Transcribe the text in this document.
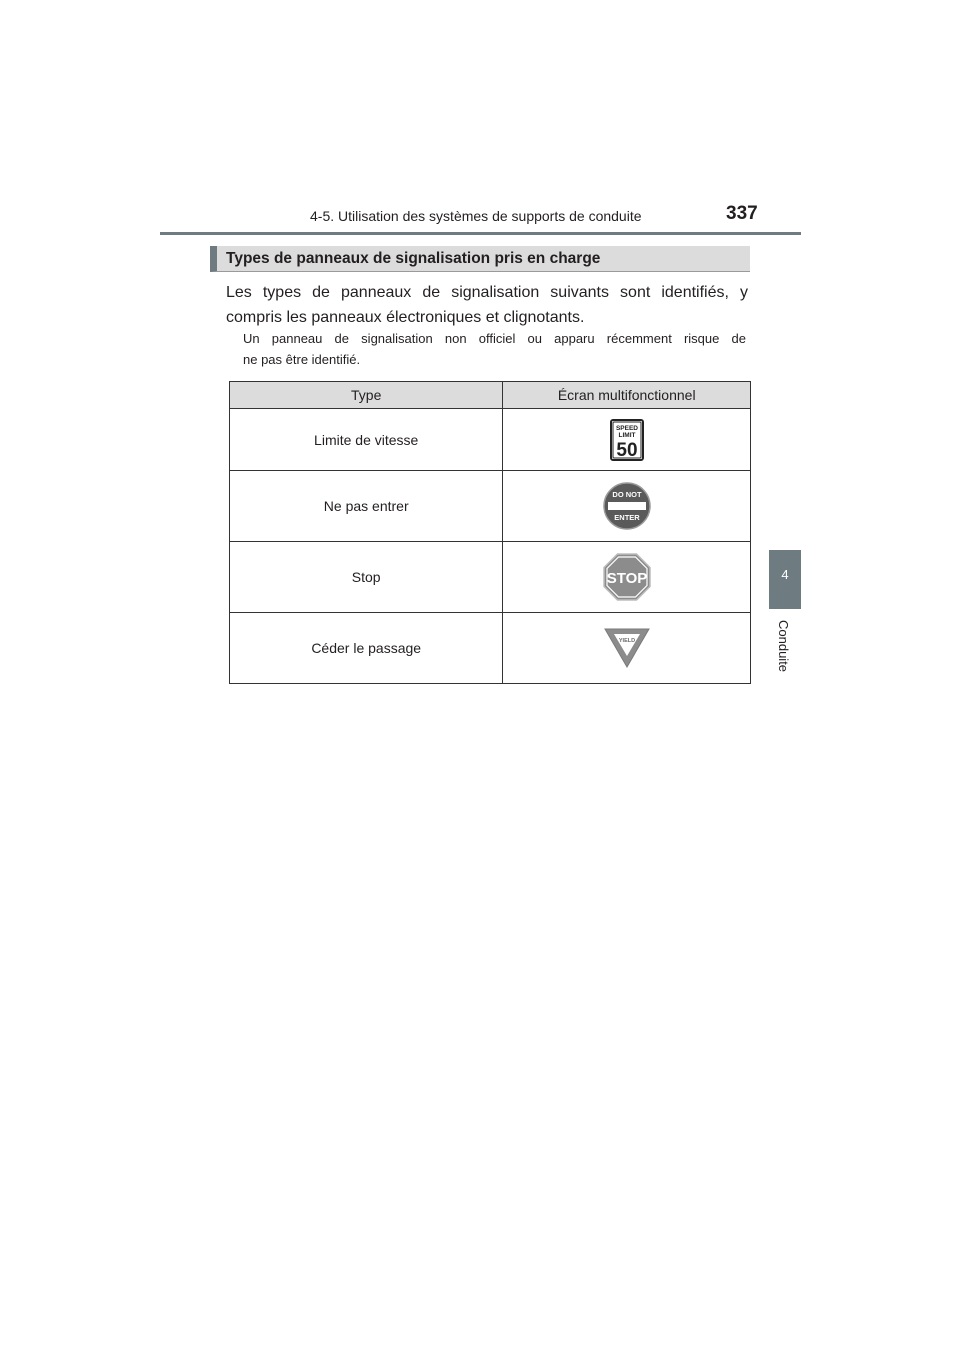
4-5. Utilisation des systèmes de supports de conduite	337
4
Conduite
Types de panneaux de signalisation pris en charge
Les types de panneaux de signalisation suivants sont identifiés, y
compris les panneaux électroniques et clignotants.
Un panneau de signalisation non officiel ou apparu récemment risque de
ne pas être identifié.
Type	Écran multifonctionnel
Limite de vitesse	SPEED
LIMIT
50

Ne pas entrer	DO NOT
ENTER

Stop	STOP

Céder le passage	YIELD
